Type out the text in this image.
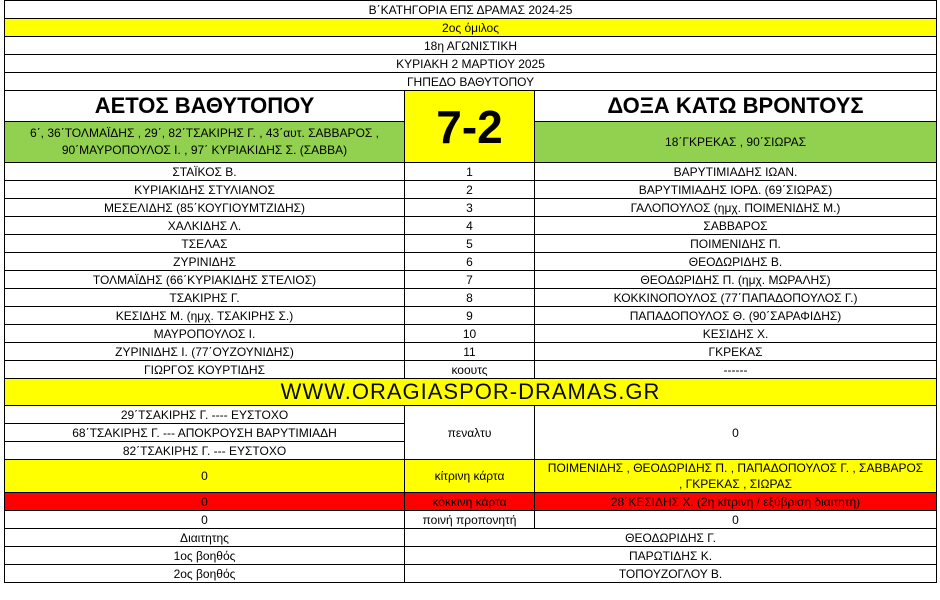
Β΄ΚΑΤΗΓΟΡΙΑ ΕΠΣ ΔΡΑΜΑΣ 2024-25		
2ος όμιλος		
18η ΑΓΩΝΙΣΤΙΚΗ		
ΚΥΡΙΑΚΗ 2 ΜΑΡΤΙΟΥ 2025		
ΓΗΠΕΔΟ ΒΑΘΥΤΟΠΟΥ		
ΑΕΤΟΣ ΒΑΘΥΤΟΠΟΥ	7-2	ΔΟΞΑ ΚΑΤΩ ΒΡΟΝΤΟΥΣ

6΄, 36΄ΤΟΛΜΑΪΔΗΣ , 29΄, 82΄ΤΣΑΚΙΡΗΣ Γ. , 43΄αυτ. ΣΑΒΒΑΡΟΣ ,
90΄ΜΑΥΡΟΠΟΥΛΟΣ Ι. , 97΄ ΚΥΡΙΑΚΙΔΗΣ Σ. (ΣΑΒΒΑ)		18΄ΓΚΡΕΚΑΣ , 90΄ΣΙΩΡΑΣ
ΣΤΑΪΚΟΣ Β.	1	ΒΑΡΥΤΙΜΙΑΔΗΣ ΙΩΑΝ.
ΚΥΡΙΑΚΙΔΗΣ ΣΤΥΛΙΑΝΟΣ	2	ΒΑΡΥΤΙΜΙΑΔΗΣ ΙΟΡΔ. (69΄ΣΙΩΡΑΣ)
ΜΕΣΕΛΙΔΗΣ (85΄ΚΟΥΓΙΟΥΜΤΖΙΔΗΣ)	3	ΓΑΛΟΠΟΥΛΟΣ (ημχ. ΠΟΙΜΕΝΙΔΗΣ Μ.)
ΧΑΛΚΙΔΗΣ Λ.	4	ΣΑΒΒΑΡΟΣ
ΤΣΕΛΑΣ	5	ΠΟΙΜΕΝΙΔΗΣ Π.
ΖΥΡΙΝΙΔΗΣ	6	ΘΕΟΔΩΡΙΔΗΣ Β.
ΤΟΛΜΑΪΔΗΣ (66΄ΚΥΡΙΑΚΙΔΗΣ ΣΤΕΛΙΟΣ)	7	ΘΕΟΔΩΡΙΔΗΣ Π. (ημχ. ΜΩΡΑΛΗΣ)
ΤΣΑΚΙΡΗΣ Γ.	8	ΚΟΚΚΙΝΟΠΟΥΛΟΣ (77΄ΠΑΠΑΔΟΠΟΥΛΟΣ Γ.)
ΚΕΣΙΔΗΣ Μ. (ημχ. ΤΣΑΚΙΡΗΣ Σ.)	9	ΠΑΠΑΔΟΠΟΥΛΟΣ Θ. (90΄ΣΑΡΑΦΙΔΗΣ)
ΜΑΥΡΟΠΟΥΛΟΣ Ι.	10	ΚΕΣΙΔΗΣ Χ.
ΖΥΡΙΝΙΔΗΣ Ι. (77΄ΟΥΖΟΥΝΙΔΗΣ)	11	ΓΚΡΕΚΑΣ
ΓΙΩΡΓΟΣ ΚΟΥΡΤΙΔΗΣ	κοουτς	------
WWW.ORAGIASPOR-DRAMAS.GR		
29΄ΤΣΑΚΙΡΗΣ Γ. ---- ΕΥΣΤΟΧΟ	πεναλτυ	0
68΄ΤΣΑΚΙΡΗΣ Γ. --- ΑΠΟΚΡΟΥΣΗ ΒΑΡΥΤΙΜΙΑΔΗ		
82΄ΤΣΑΚΙΡΗΣ Γ. --- ΕΥΣΤΟΧΟ		
0	κίτρινη κάρτα	ΠΟΙΜΕΝΙΔΗΣ , ΘΕΟΔΩΡΙΔΗΣ Π. , ΠΑΠΑΔΟΠΟΥΛΟΣ Γ. , ΣΑΒΒΑΡΟΣ
, ΓΚΡΕΚΑΣ , ΣΙΩΡΑΣ

0	κόκκινη κάρτα	28΄ΚΕΣΙΔΗΣ Χ. (2η κίτρινη / εξύβριση διαιτητή)
0	ποινή προπονητή	0
Διαιτητης	ΘΕΟΔΩΡΙΔΗΣ Γ.	
1ος βοηθός	ΠΑΡΩΤΙΔΗΣ Κ.	
2ος βοηθός	ΤΟΠΟΥΖΟΓΛΟΥ Β.	
